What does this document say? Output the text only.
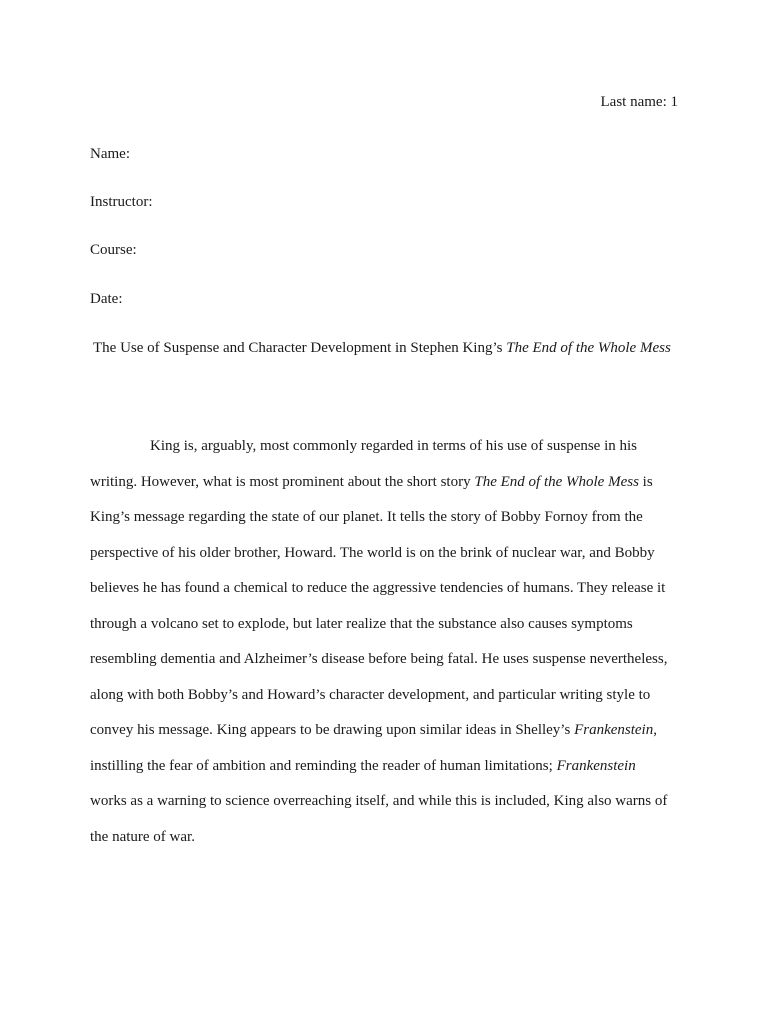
Last name: 1
Name:
Instructor:
Course:
Date:
The Use of Suspense and Character Development in Stephen King’s The End of the Whole Mess
King is, arguably, most commonly regarded in terms of his use of suspense in his
writing. However, what is most prominent about the short story The End of the Whole Mess is
King’s message regarding the state of our planet. It tells the story of Bobby Fornoy from the
perspective of his older brother, Howard. The world is on the brink of nuclear war, and Bobby
believes he has found a chemical to reduce the aggressive tendencies of humans. They release it
through a volcano set to explode, but later realize that the substance also causes symptoms
resembling dementia and Alzheimer’s disease before being fatal. He uses suspense nevertheless,
along with both Bobby’s and Howard’s character development, and particular writing style to
convey his message. King appears to be drawing upon similar ideas in Shelley’s Frankenstein,
instilling the fear of ambition and reminding the reader of human limitations; Frankenstein
works as a warning to science overreaching itself, and while this is included, King also warns of
the nature of war.
